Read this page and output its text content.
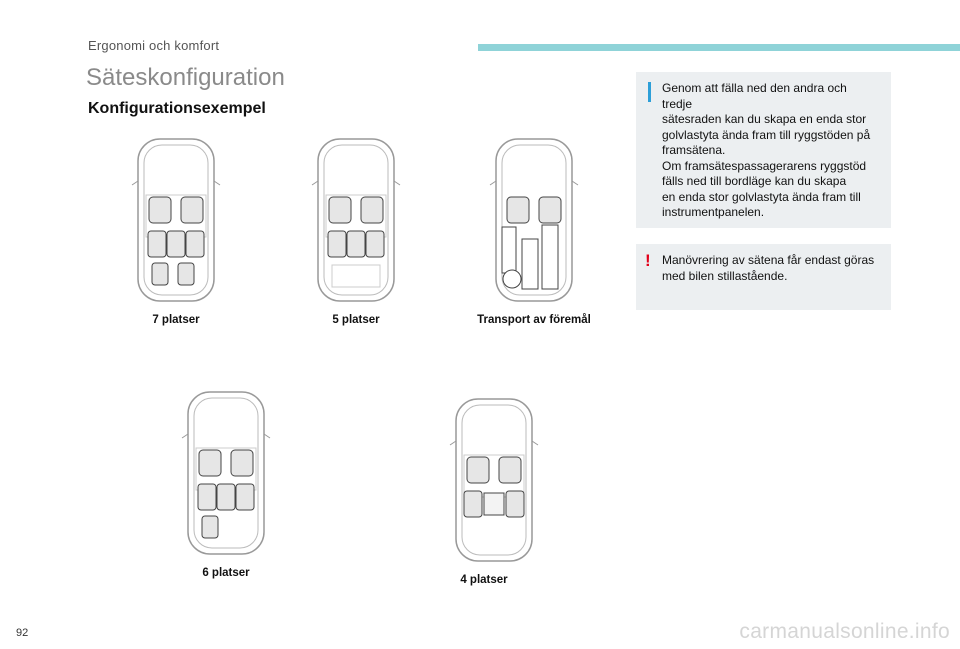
Ergonomi och komfort
Säteskonfiguration
Konfigurationsexempel

Genom att fälla ned den andra och tredje
sätesraden kan du skapa en enda stor
golvlastyta ända fram till ryggstöden på
framsätena.
Om framsätespassagerarens ryggstöd
fälls ned till bordläge kan du skapa
en enda stor golvlastyta ända fram till
instrumentpanelen.

! Manövrering av sätena får endast göras
med bilen stillastående.

7 platser	5 platser	Transport av föremål
6 platser
4 platser
92	carmanualsonline.info
